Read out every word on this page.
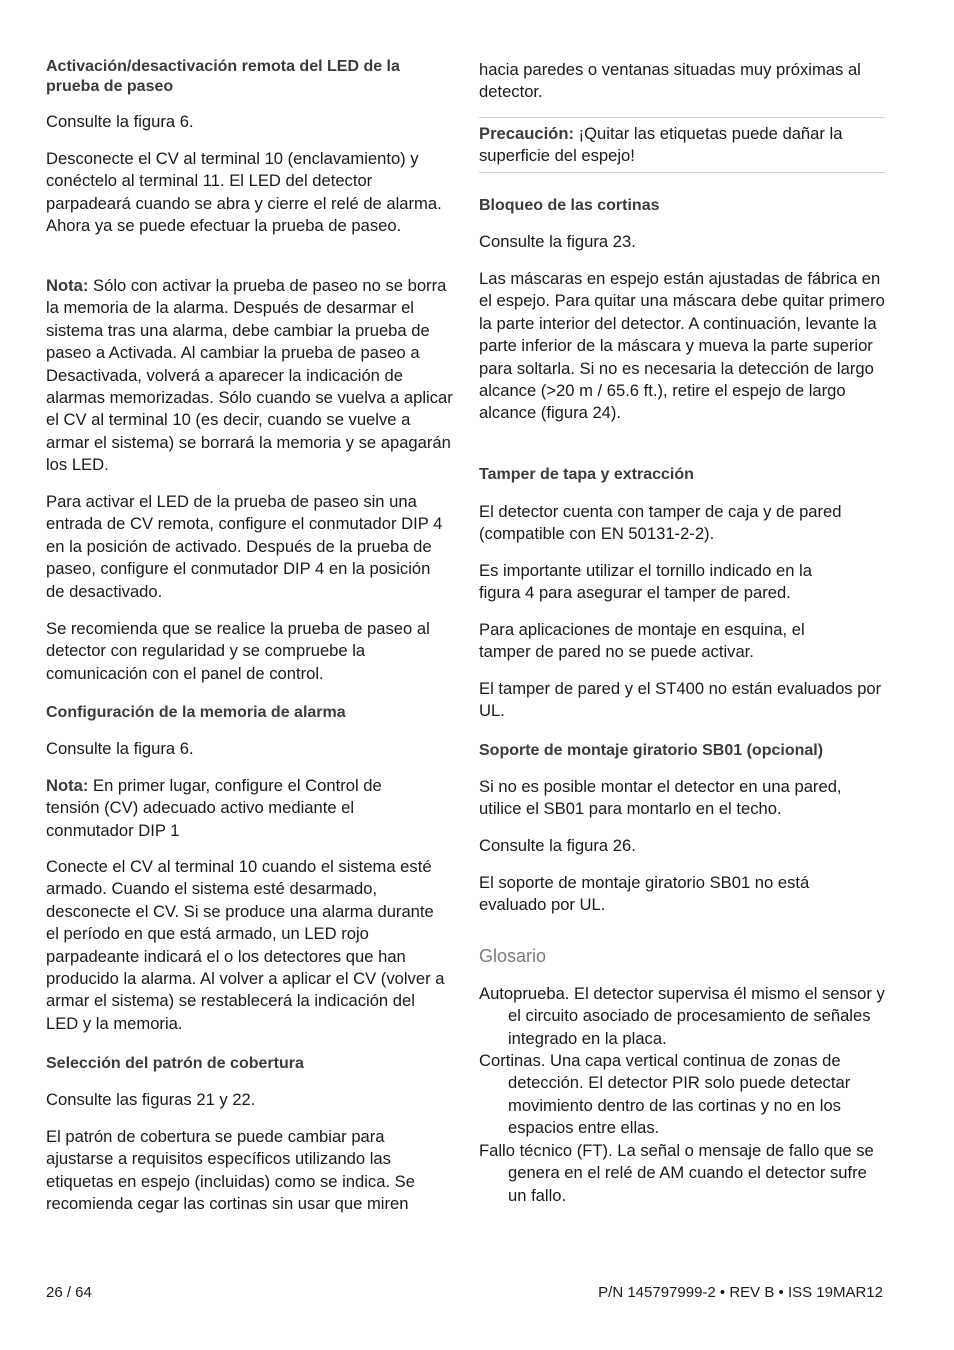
Activación/desactivación remota del LED de la prueba de paseo

Consulte la figura 6.

Desconecte el CV al terminal 10 (enclavamiento) y conéctelo al terminal 11. El LED del detector parpadeará cuando se abra y cierre el relé de alarma. Ahora ya se puede efectuar la prueba de paseo.

Nota: Sólo con activar la prueba de paseo no se borra la memoria de la alarma. Después de desarmar el sistema tras una alarma, debe cambiar la prueba de paseo a Activada. Al cambiar la prueba de paseo a Desactivada, volverá a aparecer la indicación de alarmas memorizadas. Sólo cuando se vuelva a aplicar el CV al terminal 10 (es decir, cuando se vuelve a armar el sistema) se borrará la memoria y se apagarán los LED.

Para activar el LED de la prueba de paseo sin una entrada de CV remota, configure el conmutador DIP 4 en la posición de activado. Después de la prueba de paseo, configure el conmutador DIP 4 en la posición de desactivado.

Se recomienda que se realice la prueba de paseo al detector con regularidad y se compruebe la comunicación con el panel de control.

Configuración de la memoria de alarma

Consulte la figura 6.

Nota: En primer lugar, configure el Control de tensión (CV) adecuado activo mediante el conmutador DIP 1

Conecte el CV al terminal 10 cuando el sistema esté armado. Cuando el sistema esté desarmado, desconecte el CV. Si se produce una alarma durante el período en que está armado, un LED rojo parpadeante indicará el o los detectores que han producido la alarma. Al volver a aplicar el CV (volver a armar el sistema) se restablecerá la indicación del LED y la memoria.

Selección del patrón de cobertura

Consulte las figuras 21 y 22.

El patrón de cobertura se puede cambiar para ajustarse a requisitos específicos utilizando las etiquetas en espejo (incluidas) como se indica. Se recomienda cegar las cortinas sin usar que miren

hacia paredes o ventanas situadas muy próximas al detector.

Precaución: ¡Quitar las etiquetas puede dañar la superficie del espejo!

Bloqueo de las cortinas

Consulte la figura 23.

Las máscaras en espejo están ajustadas de fábrica en el espejo. Para quitar una máscara debe quitar primero la parte interior del detector. A continuación, levante la parte inferior de la máscara y mueva la parte superior para soltarla. Si no es necesaria la detección de largo alcance (>20 m / 65.6 ft.), retire el espejo de largo alcance (figura 24).

Tamper de tapa y extracción

El detector cuenta con tamper de caja y de pared (compatible con EN 50131-2-2).

Es importante utilizar el tornillo indicado en la figura 4 para asegurar el tamper de pared.

Para aplicaciones de montaje en esquina, el tamper de pared no se puede activar.

El tamper de pared y el ST400 no están evaluados por UL.

Soporte de montaje giratorio SB01 (opcional)

Si no es posible montar el detector en una pared, utilice el SB01 para montarlo en el techo.

Consulte la figura 26.

El soporte de montaje giratorio SB01 no está evaluado por UL.

Glosario

Autoprueba. El detector supervisa él mismo el sensor y el circuito asociado de procesamiento de señales integrado en la placa.

Cortinas. Una capa vertical continua de zonas de detección. El detector PIR solo puede detectar movimiento dentro de las cortinas y no en los espacios entre ellas.

Fallo técnico (FT). La señal o mensaje de fallo que se genera en el relé de AM cuando el detector sufre un fallo.

26 / 64	P/N 145797999-2 • REV B • ISS 19MAR12
